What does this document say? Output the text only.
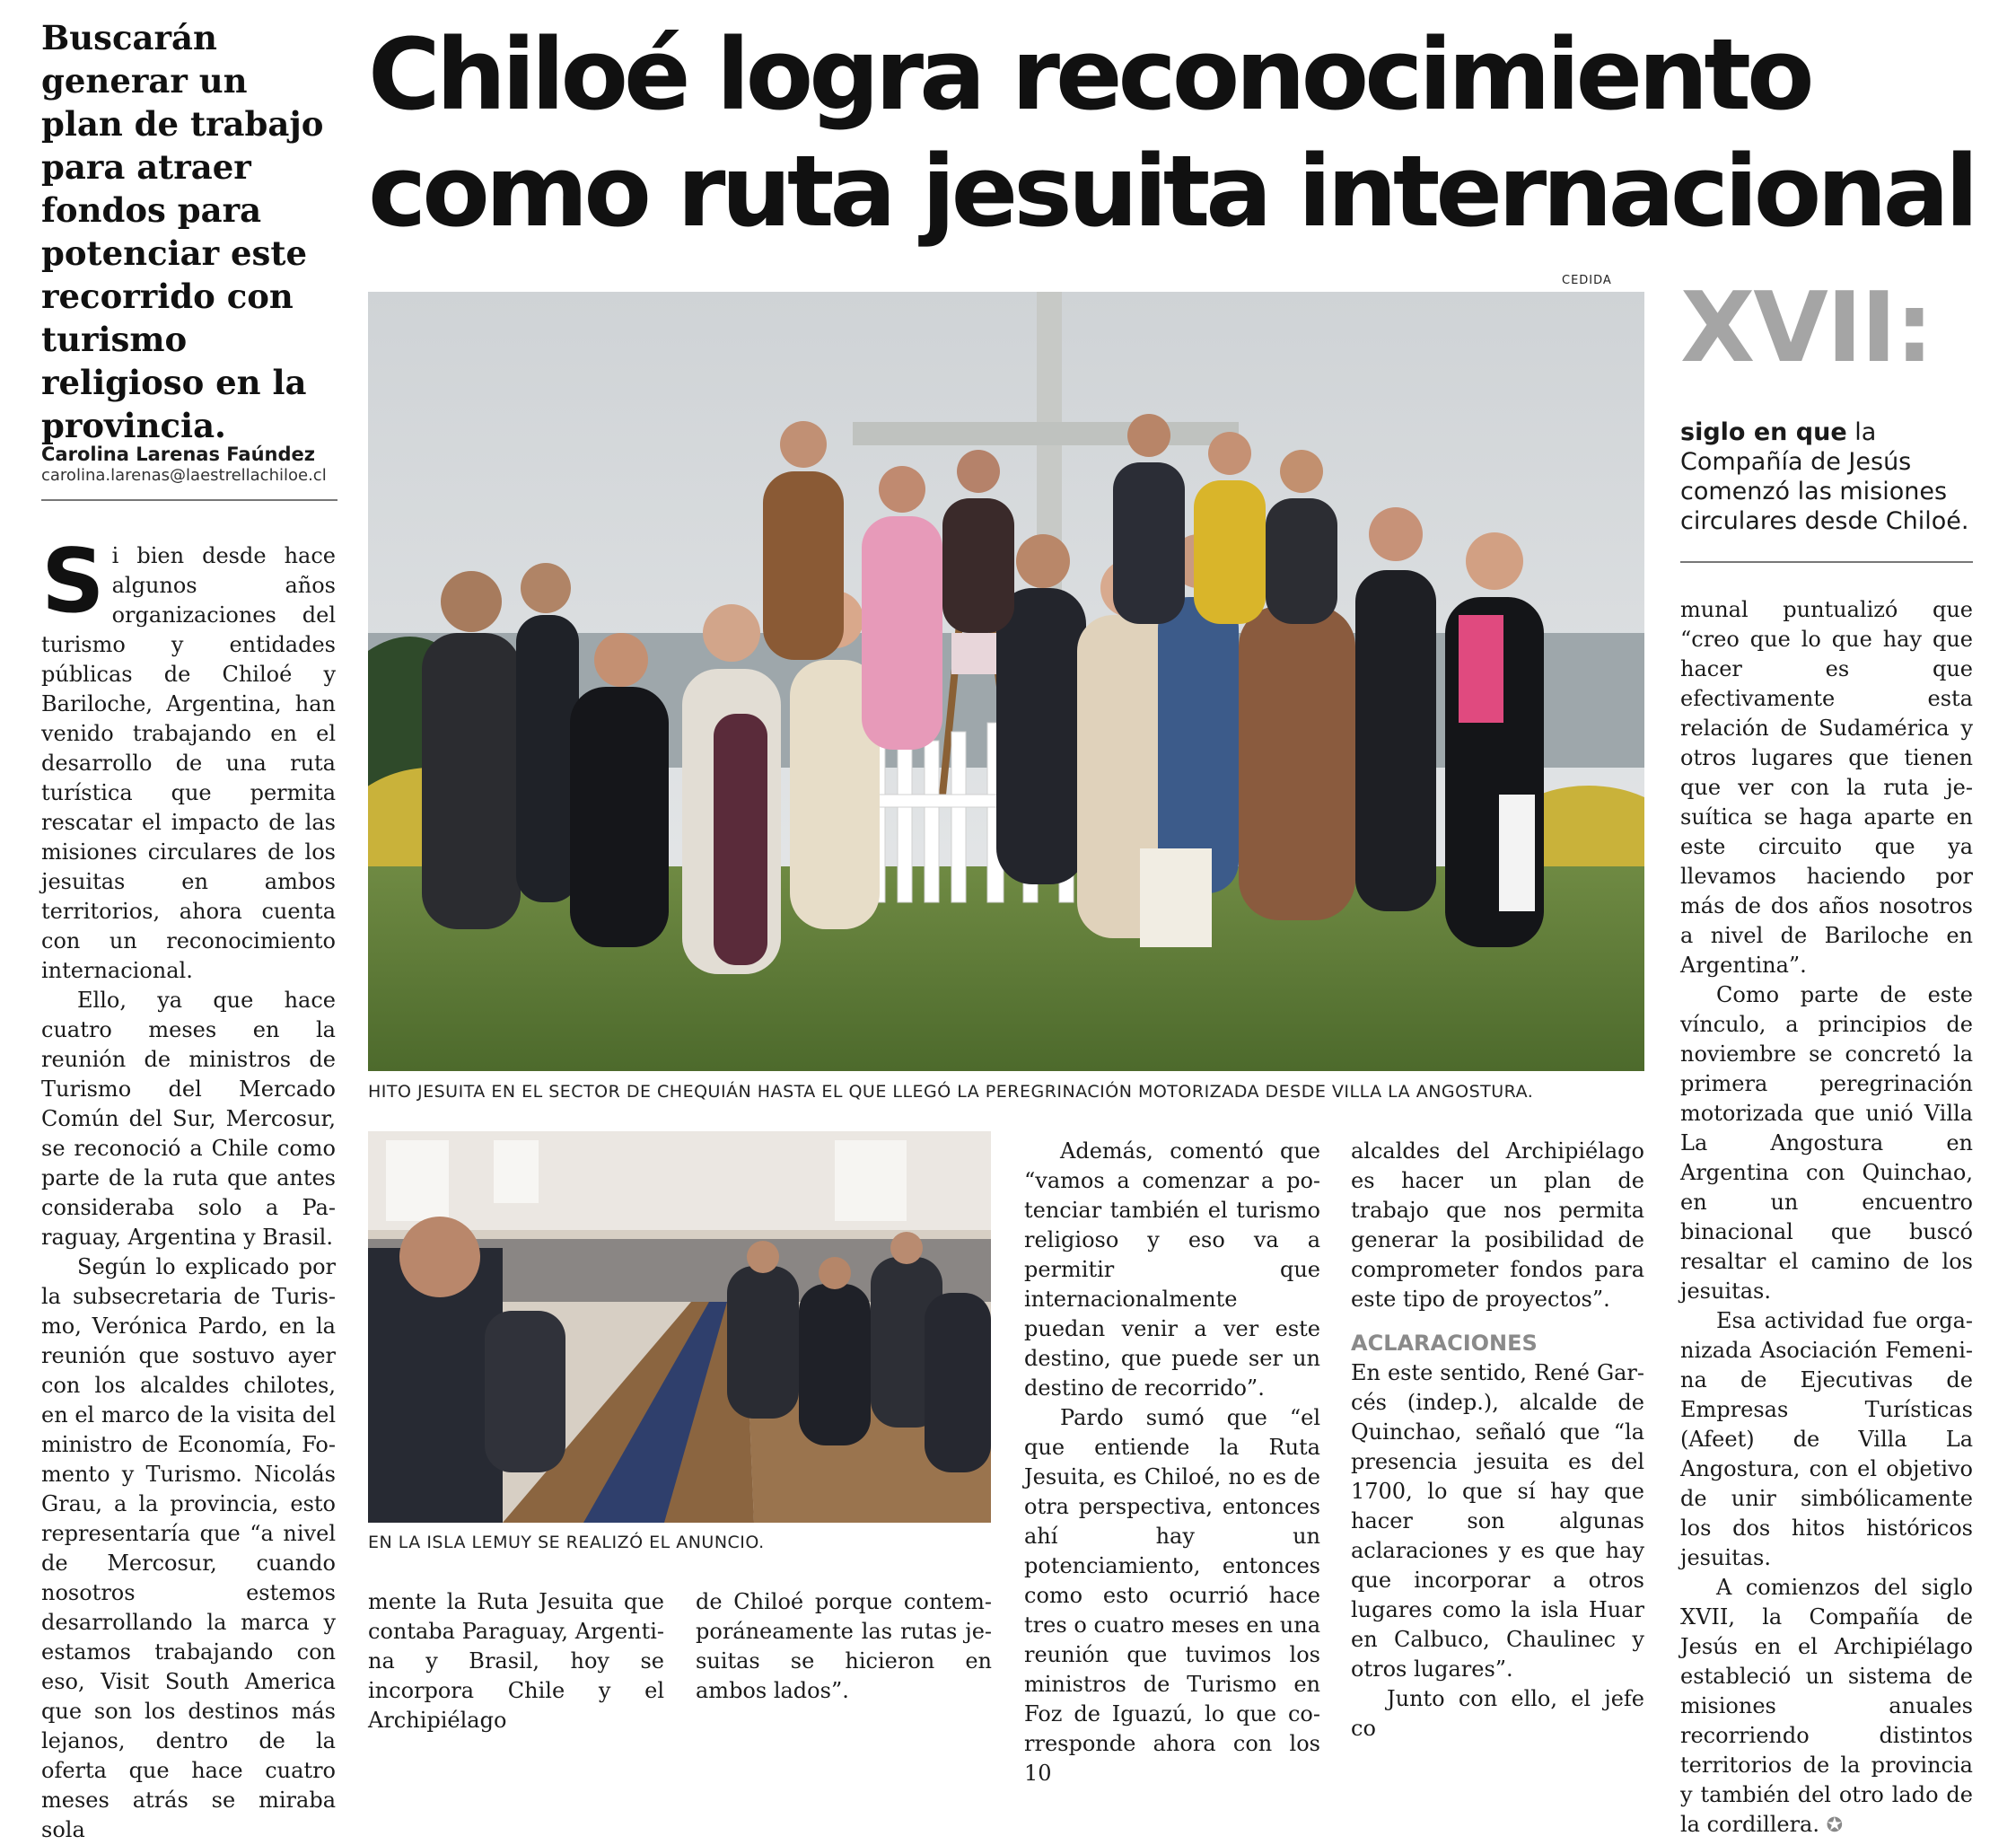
Chiloé logra reconocimiento
como ruta jesuita internacional

Buscarán generar un plan de trabajo para atraer fondos para potenciar este recorrido con turismo religioso en la provincia.

Carolina Larenas Faúndez
carolina.larenas@laestrellachiloe.cl
CEDIDA
HITO JESUITA EN EL SECTOR DE CHEQUIÁN HASTA EL QUE LLEGÓ LA PEREGRINACIÓN MOTORIZADA DESDE VILLA LA ANGOSTURA.
EN LA ISLA LEMUY SE REALIZÓ EL ANUNCIO.
XVII:
siglo en que la Compañía de Jesús comenzó las misiones circulares desde Chiloé.

Si bien desde hace algunos años organizaciones del turismo y entidades públicas de Chiloé y Bariloche, Argentina, han venido trabajando en el desarrollo de una ruta turística que permita rescatar el impacto de las misiones circulares de los jesuitas en ambos territorios, ahora cuenta con un reconocimiento internacional.

Ello, ya que hace cuatro meses en la reunión de ministros de Turismo del Mercado Común del Sur, Mercosur, se reconoció a Chile como parte de la ruta que antes consideraba solo a Paraguay, Argentina y Brasil.

Según lo explicado por la subsecretaria de Turismo, Verónica Pardo, en la reunión que sostuvo ayer con los alcaldes chilotes, en el marco de la visita del ministro de Economía, Fomento y Turismo. Nicolás Grau, a la provincia, esto representaría que “a nivel de Mercosur, cuando nosotros estemos desarrollando la marca y estamos trabajando con eso, Visit South America que son los destinos más lejanos, dentro de la oferta que hace cuatro meses atrás se miraba sola

mente la Ruta Jesuita que contaba Paraguay, Argentina y Brasil, hoy se incorpora Chile y el Archipiélago

de Chiloé porque contemporáneamente las rutas jesuitas se hicieron en ambos lados”.

Además, comentó que “vamos a comenzar a potenciar también el turismo religioso y eso va a permitir que internacionalmente puedan venir a ver este destino, que puede ser un destino de recorrido”.

Pardo sumó que “el que entiende la Ruta Jesuita, es Chiloé, no es de otra perspectiva, entonces ahí hay un potenciamiento, entonces como esto ocurrió hace tres o cuatro meses en una reunión que tuvimos los ministros de Turismo en Foz de Iguazú, lo que corresponde ahora con los 10

alcaldes del Archipiélago es hacer un plan de trabajo que nos permita generar la posibilidad de comprometer fondos para este tipo de proyectos”.

ACLARACIONES

En este sentido, René Garcés (indep.), alcalde de Quinchao, señaló que “la presencia jesuita es del 1700, lo que sí hay que hacer son algunas aclaraciones y es que hay que incorporar a otros lugares como la isla Huar en Calbuco, Chaulinec y otros lugares”.

Junto con ello, el jefe co

munal puntualizó que “creo que lo que hay que hacer es que efectivamente esta relación de Sudamérica y otros lugares que tienen que ver con la ruta jesuítica se haga aparte en este circuito que ya llevamos haciendo por más de dos años nosotros a nivel de Bariloche en Argentina”.

Como parte de este vínculo, a principios de noviembre se concretó la primera peregrinación motorizada que unió Villa La Angostura en Argentina con Quinchao, en un encuentro binacional que buscó resaltar el camino de los jesuitas.

Esa actividad fue organizada Asociación Femenina de Ejecutivas de Empresas Turísticas (Afeet) de Villa La Angostura, con el objetivo de unir simbólicamente los dos hitos históricos jesuitas.

A comienzos del siglo XVII, la Compañía de Jesús en el Archipiélago estableció un sistema de misiones anuales recorriendo distintos territorios de la provincia y también del otro lado de la cordillera. ✪
